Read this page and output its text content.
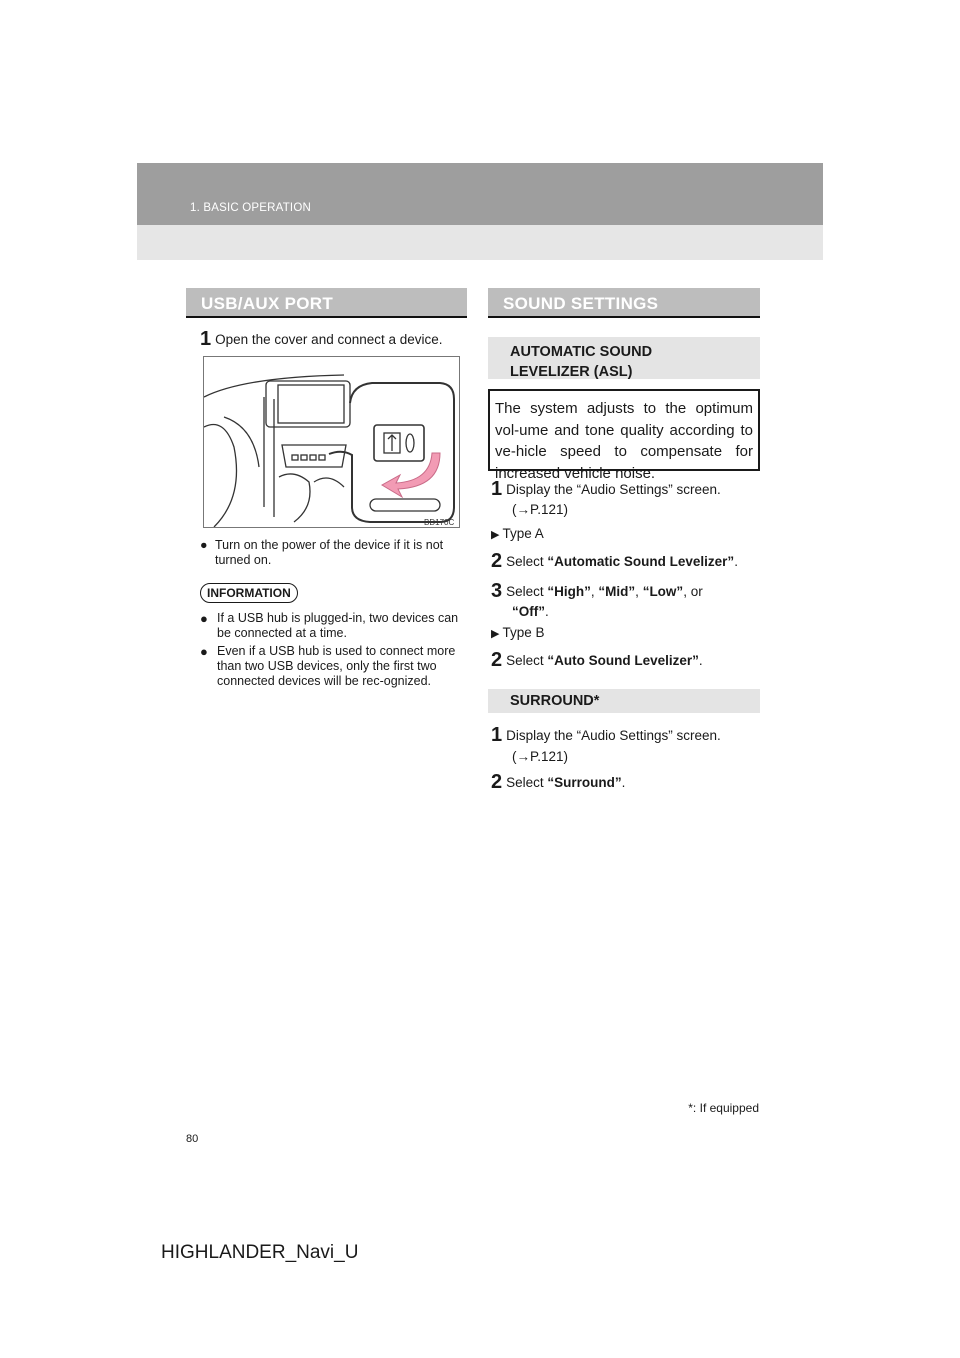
1. BASIC OPERATION
USB/AUX PORT
1 Open the cover and connect a device.
BD170C
● Turn on the power of the device if it is not turned on.
INFORMATION
● If a USB hub is plugged-in, two devices can be connected at a time.
● Even if a USB hub is used to connect more than two USB devices, only the first two connected devices will be rec-ognized.
SOUND SETTINGS
AUTOMATIC SOUND
LEVELIZER (ASL)
The system adjusts to the optimum vol-ume and tone quality according to ve-hicle speed to compensate for increased vehicle noise.
1 Display the “Audio Settings” screen.
(→P.121)
▶ Type A
2 Select “Automatic Sound Levelizer”.
3 Select “High”, “Mid”, “Low”, or
“Off”.
▶ Type B
2 Select “Auto Sound Levelizer”.
SURROUND*
1 Display the “Audio Settings” screen.
(→P.121)
2 Select “Surround”.
*: If equipped
80
HIGHLANDER_Navi_U
